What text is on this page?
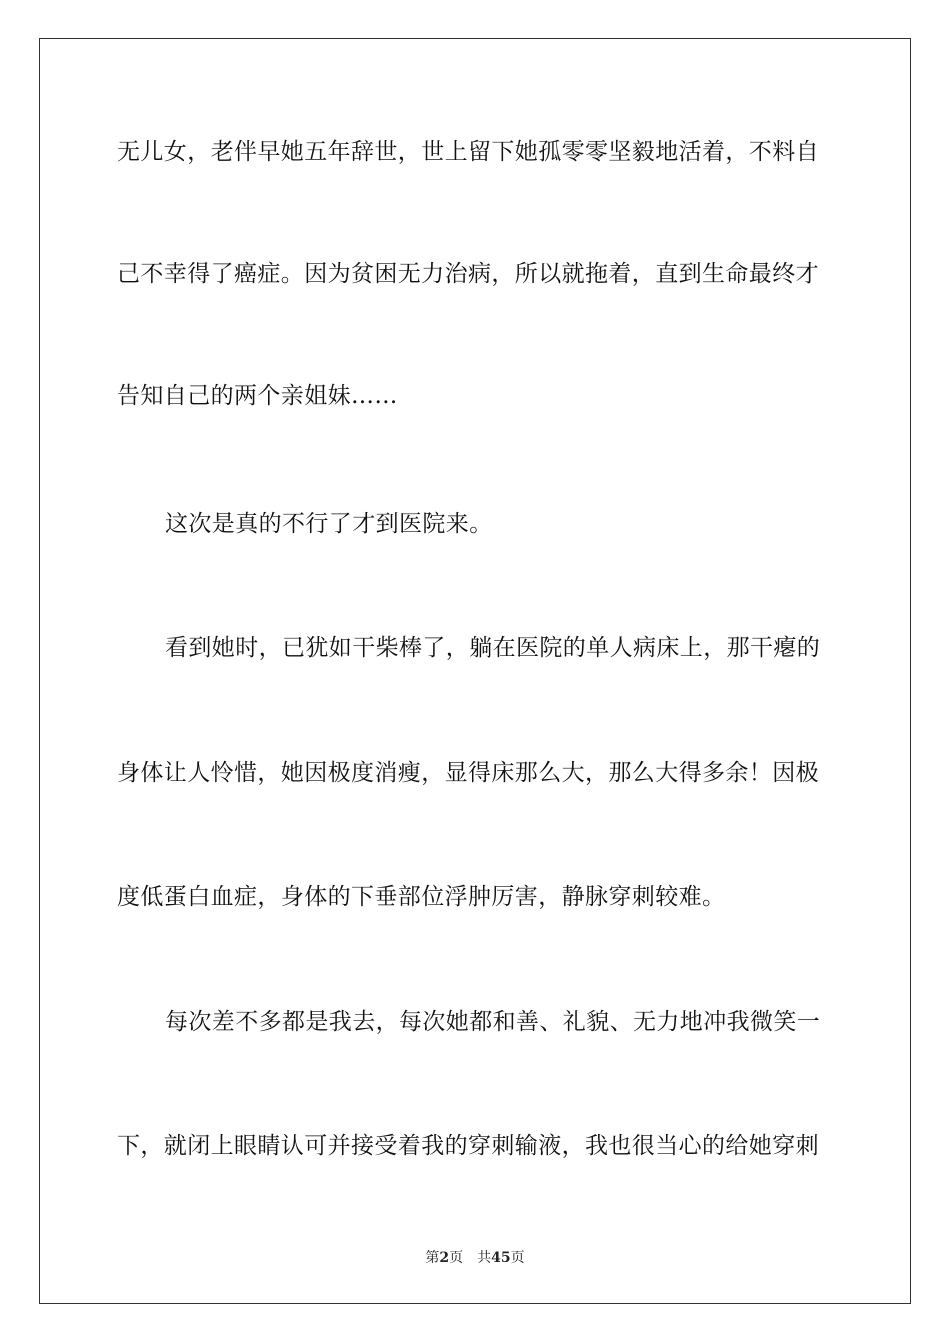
无儿女，老伴早她五年辞世，世上留下她孤零零坚毅地活着，不料自
己不幸得了癌症。因为贫困无力治病，所以就拖着，直到生命最终才
告知自己的两个亲姐妹……
这次是真的不行了才到医院来。
看到她时，已犹如干柴棒了，躺在医院的单人病床上，那干瘪的
身体让人怜惜，她因极度消瘦，显得床那么大，那么大得多余！因极
度低蛋白血症，身体的下垂部位浮肿厉害，静脉穿刺较难。
每次差不多都是我去，每次她都和善、礼貌、无力地冲我微笑一
下，就闭上眼睛认可并接受着我的穿刺输液，我也很当心的给她穿刺
第2页 共45页
